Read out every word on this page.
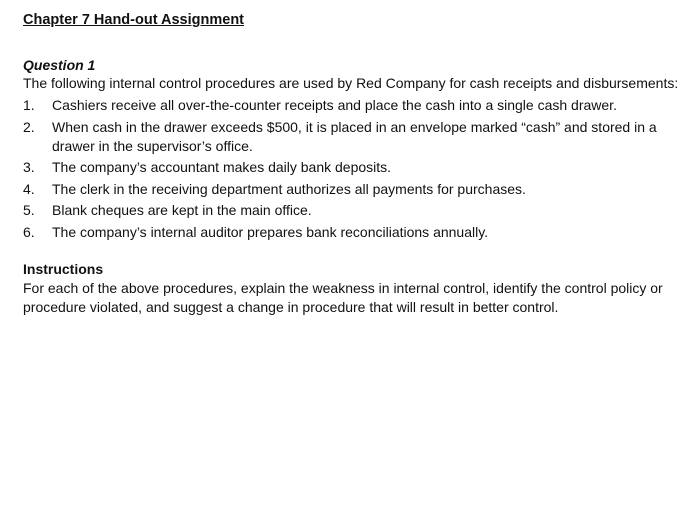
Chapter 7 Hand-out Assignment
Question 1

The following internal control procedures are used by Red Company for cash receipts and disbursements:

1.	Cashiers receive all over-the-counter receipts and place the cash into a single cash drawer.
2.	When cash in the drawer exceeds $500, it is placed in an envelope marked “cash” and stored in a drawer in the supervisor’s office.
3.	The company’s accountant makes daily bank deposits.
4.	The clerk in the receiving department authorizes all payments for purchases.
5.	Blank cheques are kept in the main office.
6.	The company’s internal auditor prepares bank reconciliations annually.
Instructions

For each of the above procedures, explain the weakness in internal control, identify the control policy or procedure violated, and suggest a change in procedure that will result in better control.
